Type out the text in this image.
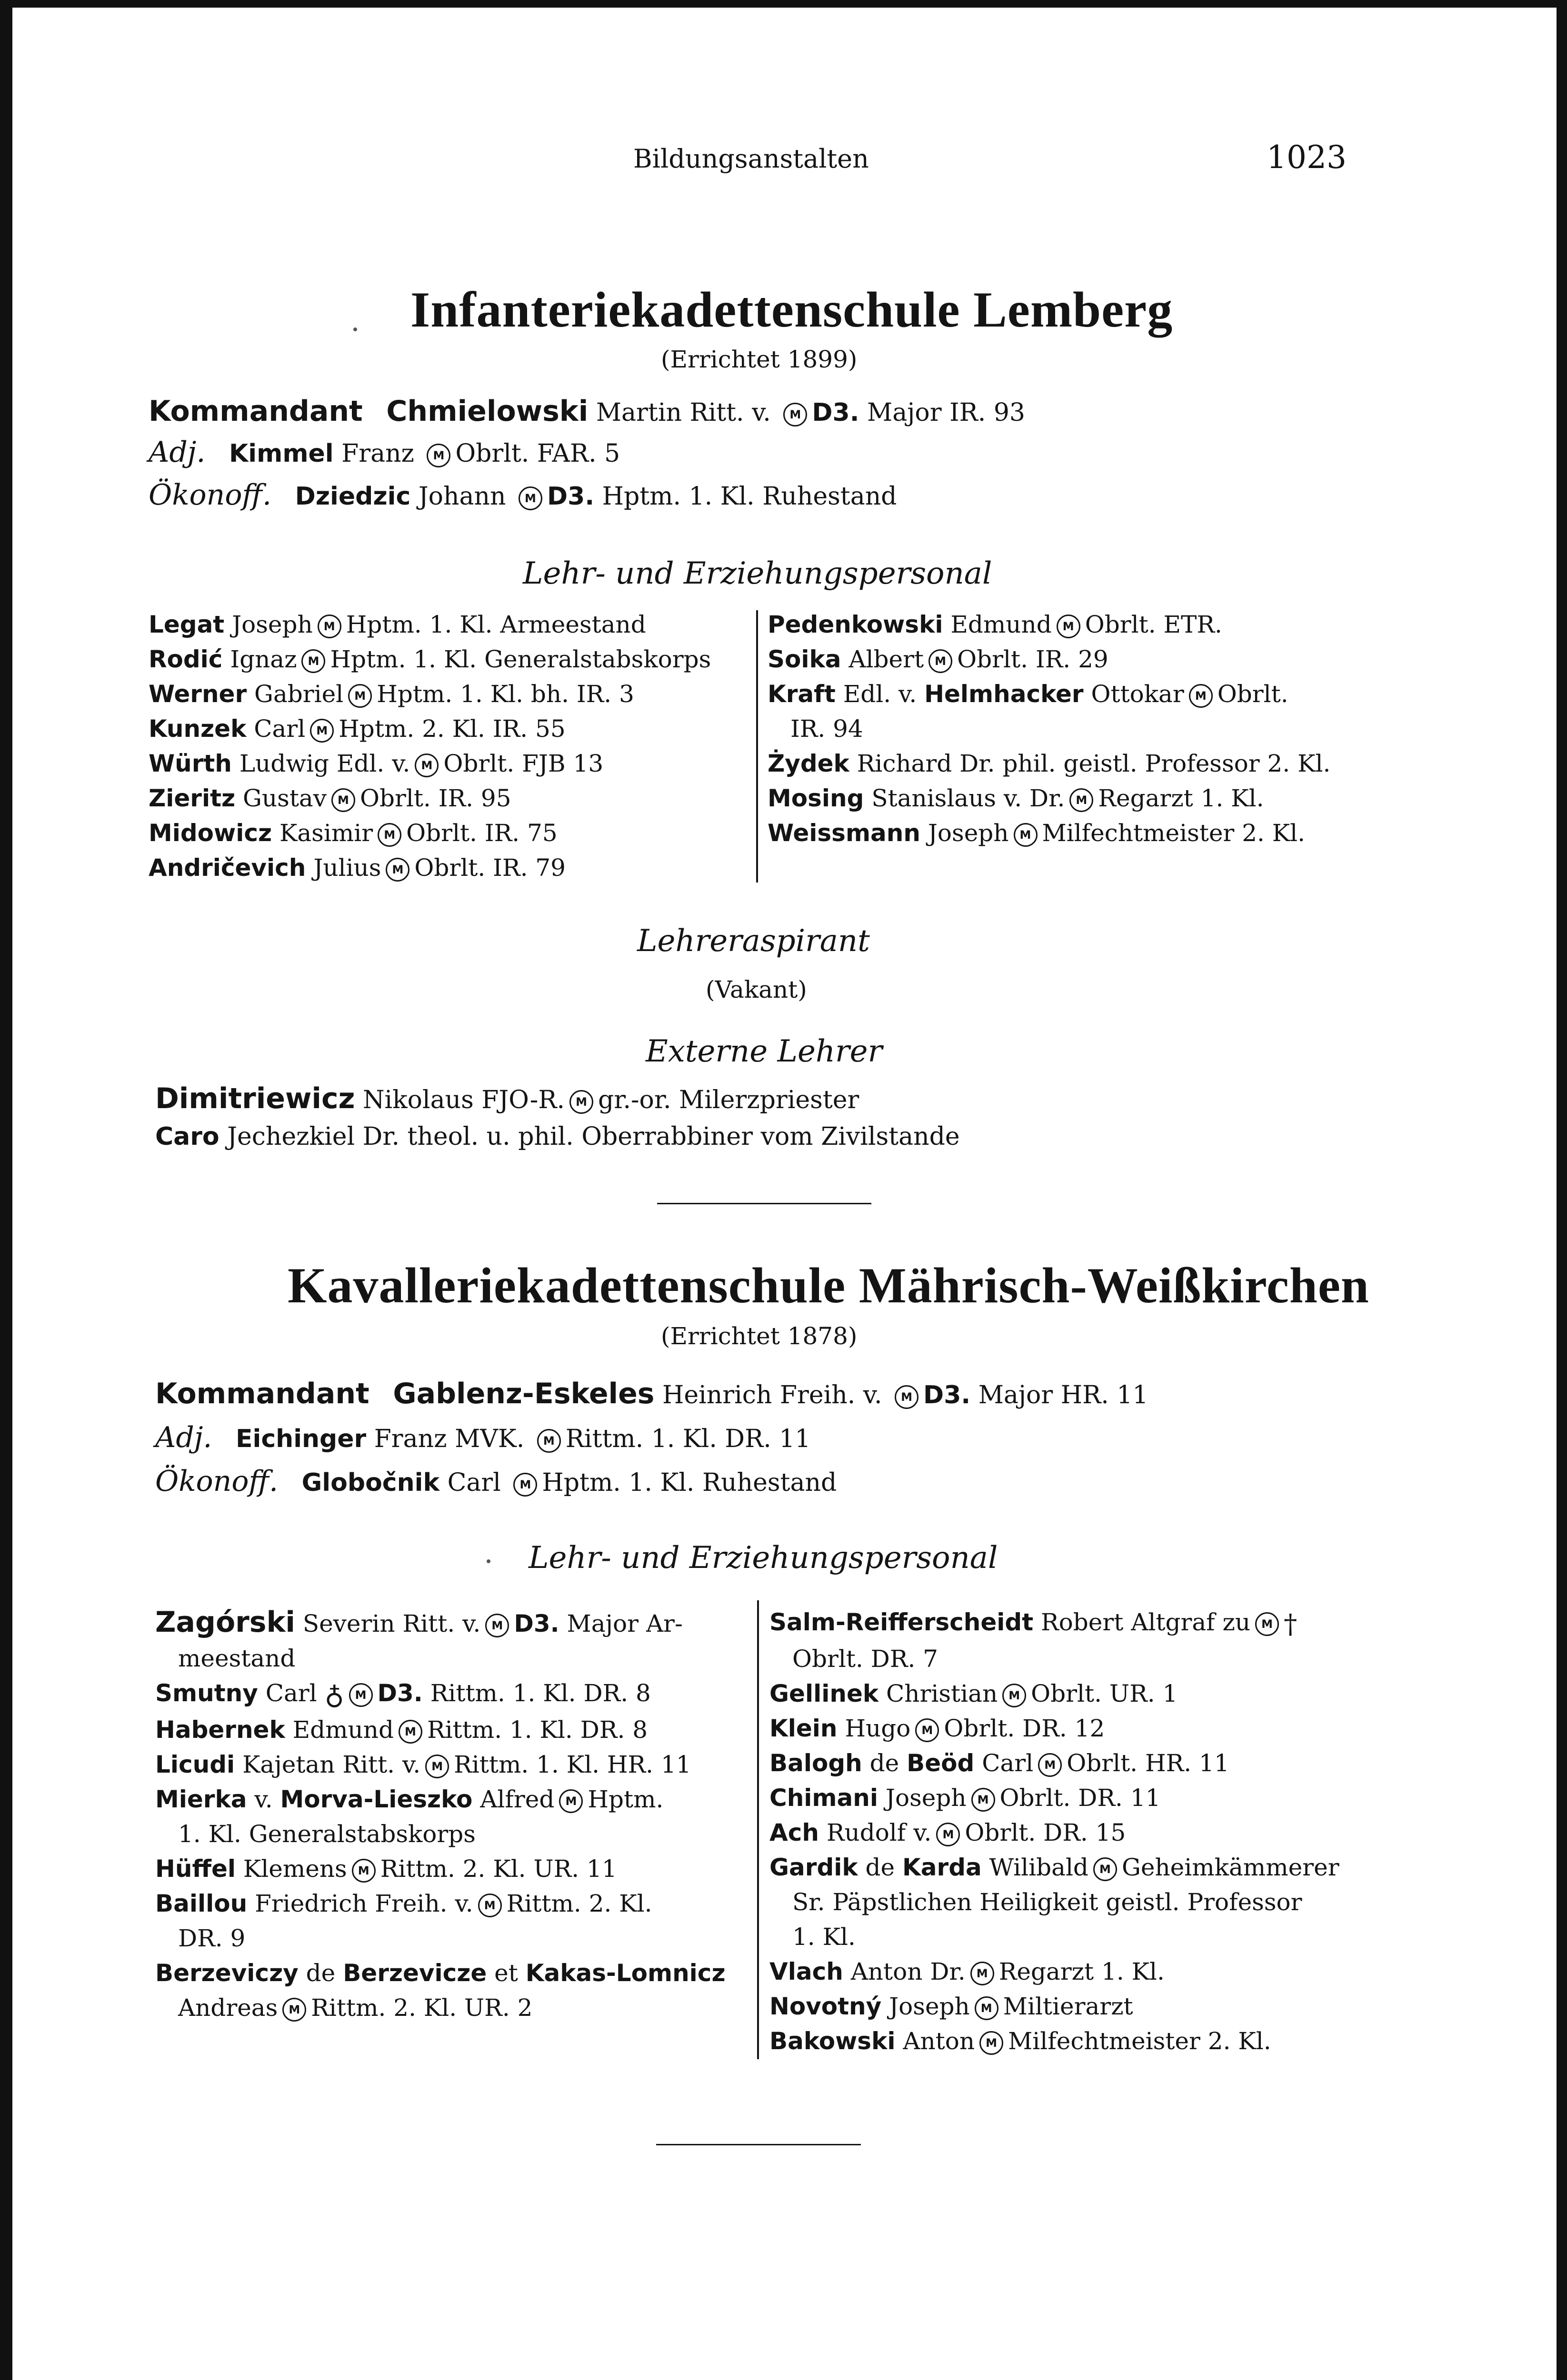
Bildungsanstalten	1023
Infanteriekadettenschule Lemberg
(Errichtet 1899)
Kommandant Chmielowski Martin Ritt. v. M D3. Major IR. 93
Adj. Kimmel Franz M Obrlt. FAR. 5
Ökonoff. Dziedzic Johann M D3. Hptm. 1. Kl. Ruhestand
Lehr- und Erziehungspersonal
Legat Joseph M Hptm. 1. Kl. Armeestand
Rodić Ignaz M Hptm. 1. Kl. Generalstabskorps
Werner Gabriel M Hptm. 1. Kl. bh. IR. 3
Kunzek Carl M Hptm. 2. Kl. IR. 55
Würth Ludwig Edl. v. M Obrlt. FJB 13
Zieritz Gustav M Obrlt. IR. 95
Midowicz Kasimir M Obrlt. IR. 75
Andričevich Julius M Obrlt. IR. 79
Pedenkowski Edmund M Obrlt. ETR.
Soika Albert M Obrlt. IR. 29
Kraft Edl. v. Helmhacker Ottokar M Obrlt.
IR. 94
Żydek Richard Dr. phil. geistl. Professor 2. Kl.
Mosing Stanislaus v. Dr. M Regarzt 1. Kl.
Weissmann Joseph M Milfechtmeister 2. Kl.
Lehreraspirant
(Vakant)
Externe Lehrer
Dimitriewicz Nikolaus FJO-R. M gr.-or. Milerzpriester
Caro Jechezkiel Dr. theol. u. phil. Oberrabbiner vom Zivilstande
Kavalleriekadettenschule Mährisch-Weißkirchen
(Errichtet 1878)
Kommandant Gablenz-Eskeles Heinrich Freih. v. M D3. Major HR. 11
Adj. Eichinger Franz MVK. M Rittm. 1. Kl. DR. 11
Ökonoff. Globočnik Carl M Hptm. 1. Kl. Ruhestand
Lehr- und Erziehungspersonal
Zagórski Severin Ritt. v. M D3. Major Ar-
meestand
Smutny Carl ♁ M D3. Rittm. 1. Kl. DR. 8
Habernek Edmund M Rittm. 1. Kl. DR. 8
Licudi Kajetan Ritt. v. M Rittm. 1. Kl. HR. 11
Mierka v. Morva-Lieszko Alfred M Hptm.
1. Kl. Generalstabskorps
Hüffel Klemens M Rittm. 2. Kl. UR. 11
Baillou Friedrich Freih. v. M Rittm. 2. Kl.
DR. 9
Berzeviczy de Berzevicze et Kakas-Lomnicz
Andreas M Rittm. 2. Kl. UR. 2
Salm-Reifferscheidt Robert Altgraf zu M †
Obrlt. DR. 7
Gellinek Christian M Obrlt. UR. 1
Klein Hugo M Obrlt. DR. 12
Balogh de Beöd Carl M Obrlt. HR. 11
Chimani Joseph M Obrlt. DR. 11
Ach Rudolf v. M Obrlt. DR. 15
Gardik de Karda Wilibald M Geheimkämmerer
Sr. Päpstlichen Heiligkeit geistl. Professor
1. Kl.
Vlach Anton Dr. M Regarzt 1. Kl.
Novotný Joseph M Miltierarzt
Bakowski Anton M Milfechtmeister 2. Kl.
